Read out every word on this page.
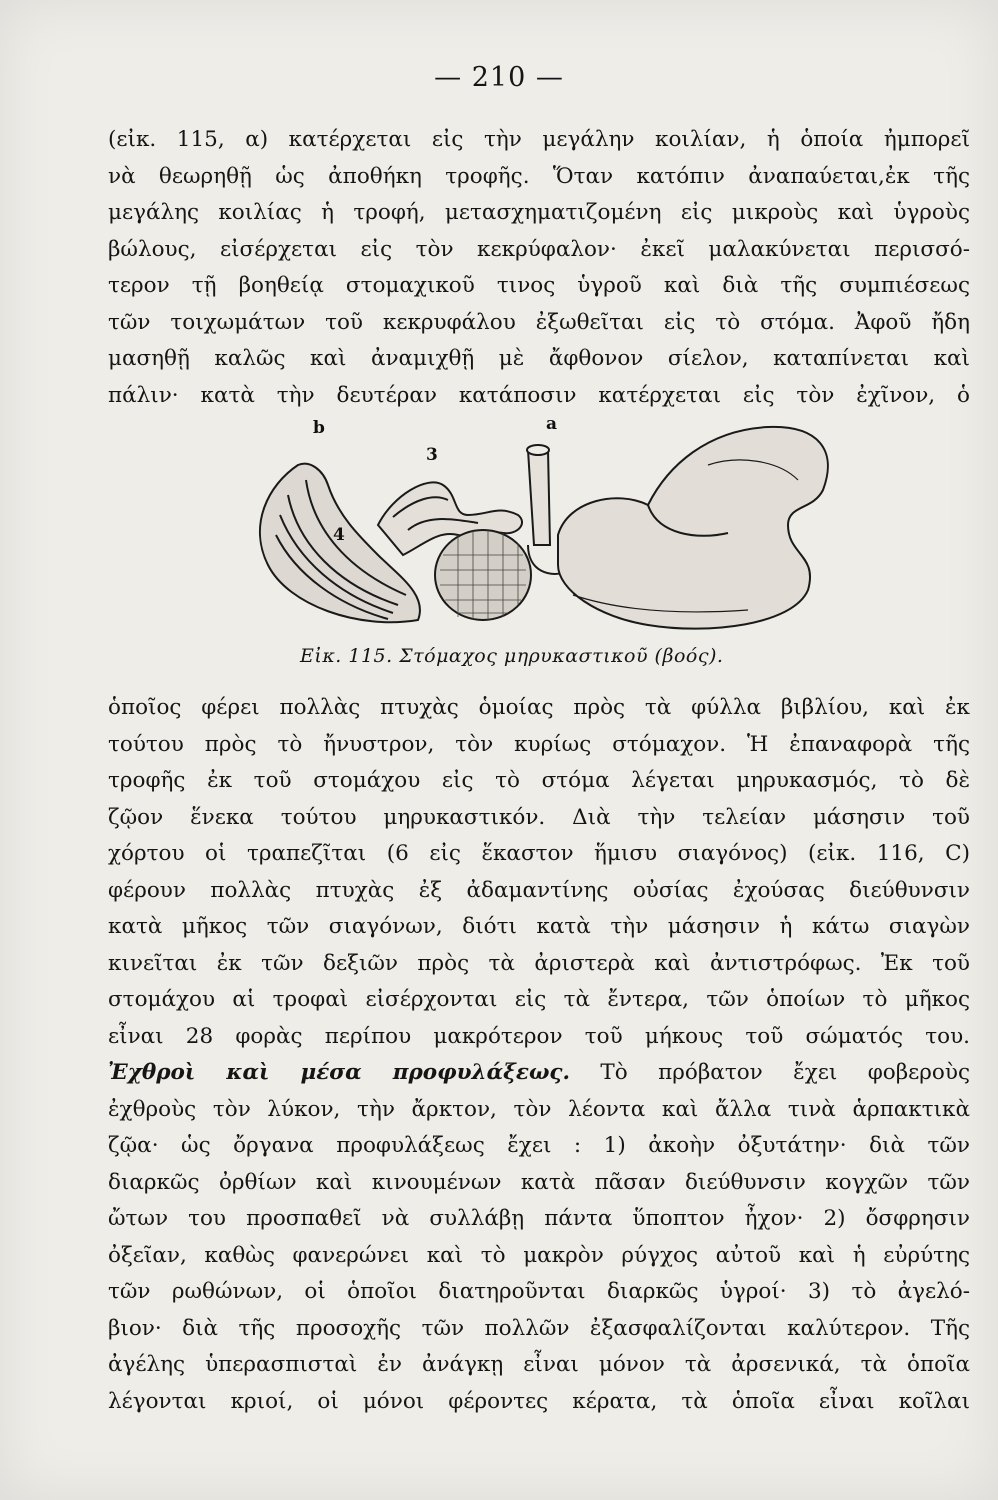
— 210 —
(εἰκ. 115, α) κατέρχεται εἰς τὴν μεγάλην κοιλίαν, ἡ ὁποία ἠμπορεῖ
νὰ θεωρηθῇ ὡς ἀποθήκη τροφῆς. Ὅταν κατόπιν ἀναπαύεται,ἐκ τῆς
μεγάλης κοιλίας ἡ τροφή, μετασχηματιζομένη εἰς μικροὺς καὶ ὑγροὺς
βώλους, εἰσέρχεται εἰς τὸν κεκρύφαλον· ἐκεῖ μαλακύνεται περισσό-
τερον τῇ βοηθείᾳ στομαχικοῦ τινος ὑγροῦ καὶ διὰ τῆς συμπιέσεως
τῶν τοιχωμάτων τοῦ κεκρυφάλου ἐξωθεῖται εἰς τὸ στόμα. Ἀφοῦ ἤδη
μασηθῇ καλῶς καὶ ἀναμιχθῇ μὲ ἄφθονον σίελον, καταπίνεται καὶ
πάλιν· κατὰ τὴν δευτέραν κατάποσιν κατέρχεται εἰς τὸν ἐχῖνον, ὁ
b	a
3
4
Εἰκ. 115. Στόμαχος μηρυκαστικοῦ (βοός).
ὁποῖος φέρει πολλὰς πτυχὰς ὁμοίας πρὸς τὰ φύλλα βιβλίου, καὶ ἐκ
τούτου πρὸς τὸ ἤνυστρον, τὸν κυρίως στόμαχον. Ἡ ἐπαναφορὰ τῆς
τροφῆς ἐκ τοῦ στομάχου εἰς τὸ στόμα λέγεται μηρυκασμός, τὸ δὲ
ζῷον ἕνεκα τούτου μηρυκαστικόν. Διὰ τὴν τελείαν μάσησιν τοῦ
χόρτου οἱ τραπεζῖται (6 εἰς ἕκαστον ἥμισυ σιαγόνος) (εἰκ. 116, C)
φέρουν πολλὰς πτυχὰς ἐξ ἀδαμαντίνης οὐσίας ἐχούσας διεύθυνσιν
κατὰ μῆκος τῶν σιαγόνων, διότι κατὰ τὴν μάσησιν ἡ κάτω σιαγὼν
κινεῖται ἐκ τῶν δεξιῶν πρὸς τὰ ἀριστερὰ καὶ ἀντιστρόφως. Ἐκ τοῦ
στομάχου αἱ τροφαὶ εἰσέρχονται εἰς τὰ ἔντερα, τῶν ὁποίων τὸ μῆκος
εἶναι 28 φορὰς περίπου μακρότερον τοῦ μήκους τοῦ σώματός του.
Ἐχθροὶ καὶ μέσα προφυλάξεως. Τὸ πρόβατον ἔχει φοβεροὺς
ἐχθροὺς τὸν λύκον, τὴν ἄρκτον, τὸν λέοντα καὶ ἄλλα τινὰ ἁρπακτικὰ
ζῷα· ὡς ὄργανα προφυλάξεως ἔχει : 1) ἀκοὴν ὀξυτάτην· διὰ τῶν
διαρκῶς ὀρθίων καὶ κινουμένων κατὰ πᾶσαν διεύθυνσιν κογχῶν τῶν
ὤτων του προσπαθεῖ νὰ συλλάβῃ πάντα ὕποπτον ἦχον· 2) ὄσφρησιν
ὀξεῖαν, καθὼς φανερώνει καὶ τὸ μακρὸν ρύγχος αὐτοῦ καὶ ἡ εὐρύτης
τῶν ρωθώνων, οἱ ὁποῖοι διατηροῦνται διαρκῶς ὑγροί· 3) τὸ ἀγελό-
βιον· διὰ τῆς προσοχῆς τῶν πολλῶν ἐξασφαλίζονται καλύτερον. Τῆς
ἀγέλης ὑπερασπισταὶ ἐν ἀνάγκῃ εἶναι μόνον τὰ ἀρσενικά, τὰ ὁποῖα
λέγονται κριοί, οἱ μόνοι φέροντες κέρατα, τὰ ὁποῖα εἶναι κοῖλαι
